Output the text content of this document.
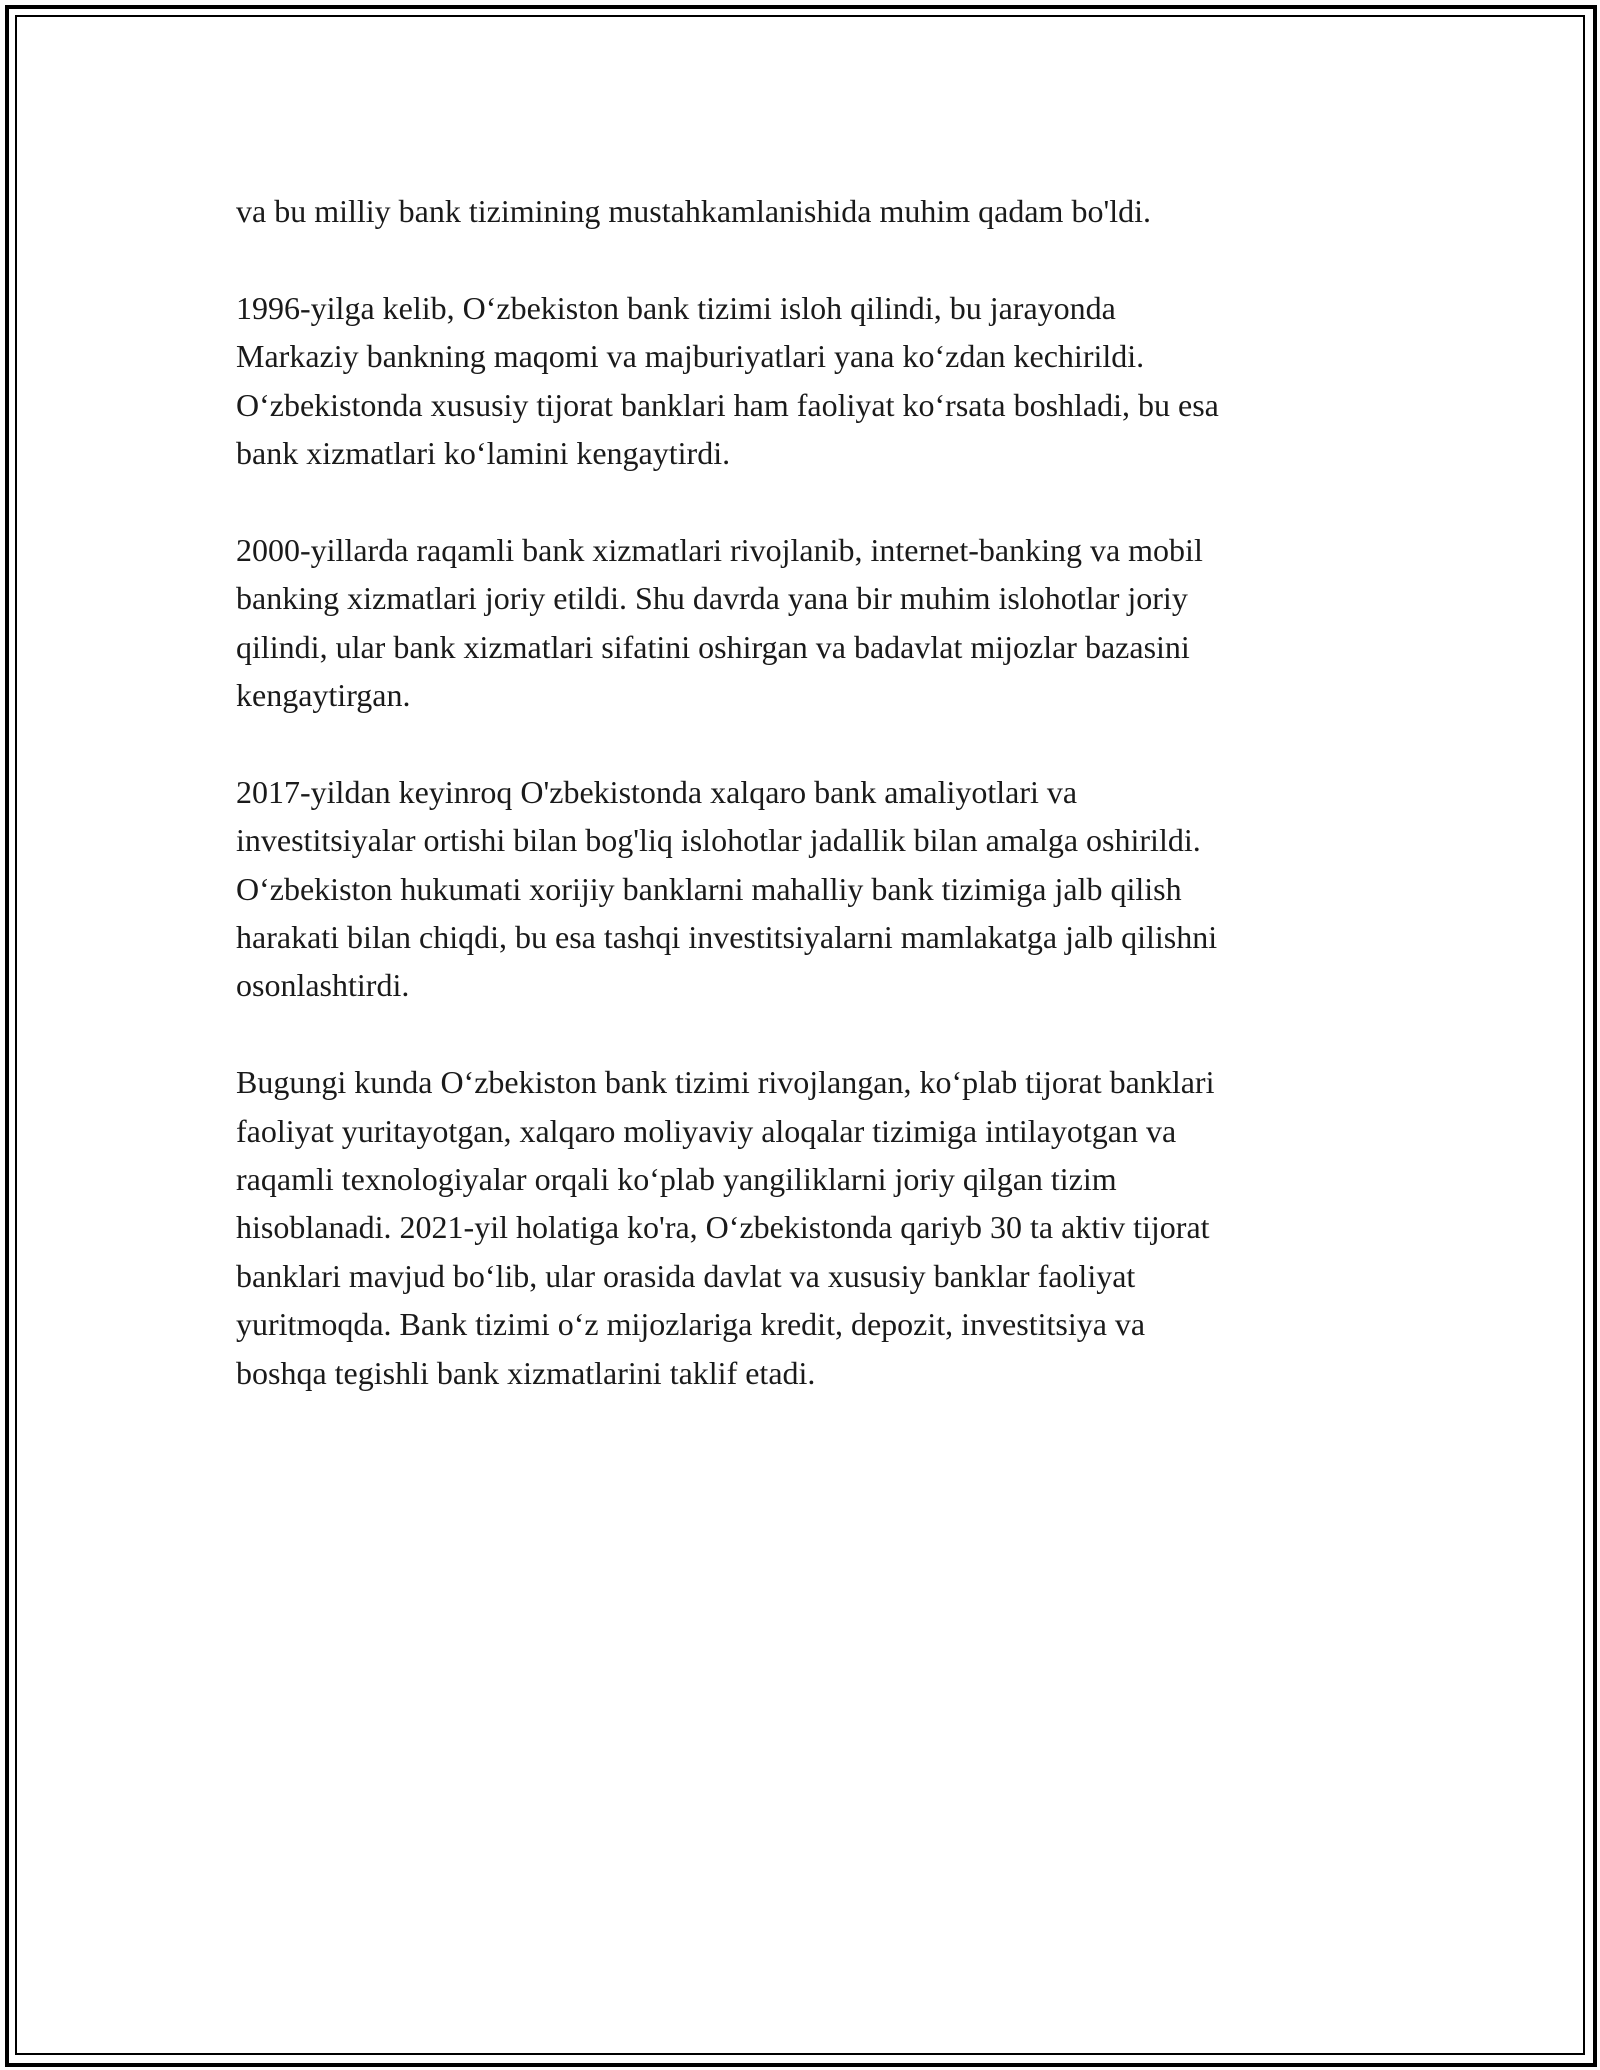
va bu milliy bank tizimining mustahkamlanishida muhim qadam bo'ldi.

1996-yilga kelib, Oʻzbekiston bank tizimi isloh qilindi, bu jarayonda
Markaziy bankning maqomi va majburiyatlari yana koʻzdan kechirildi.
Oʻzbekistonda xususiy tijorat banklari ham faoliyat koʻrsata boshladi, bu esa
bank xizmatlari koʻlamini kengaytirdi.

2000-yillarda raqamli bank xizmatlari rivojlanib, internet-banking va mobil
banking xizmatlari joriy etildi. Shu davrda yana bir muhim islohotlar joriy
qilindi, ular bank xizmatlari sifatini oshirgan va badavlat mijozlar bazasini
kengaytirgan.

2017-yildan keyinroq O'zbekistonda xalqaro bank amaliyotlari va
investitsiyalar ortishi bilan bog'liq islohotlar jadallik bilan amalga oshirildi.
Oʻzbekiston hukumati xorijiy banklarni mahalliy bank tizimiga jalb qilish
harakati bilan chiqdi, bu esa tashqi investitsiyalarni mamlakatga jalb qilishni
osonlashtirdi.

Bugungi kunda Oʻzbekiston bank tizimi rivojlangan, koʻplab tijorat banklari
faoliyat yuritayotgan, xalqaro moliyaviy aloqalar tizimiga intilayotgan va
raqamli texnologiyalar orqali koʻplab yangiliklarni joriy qilgan tizim
hisoblanadi. 2021-yil holatiga ko'ra, Oʻzbekistonda qariyb 30 ta aktiv tijorat
banklari mavjud boʻlib, ular orasida davlat va xususiy banklar faoliyat
yuritmoqda. Bank tizimi oʻz mijozlariga kredit, depozit, investitsiya va
boshqa tegishli bank xizmatlarini taklif etadi.
